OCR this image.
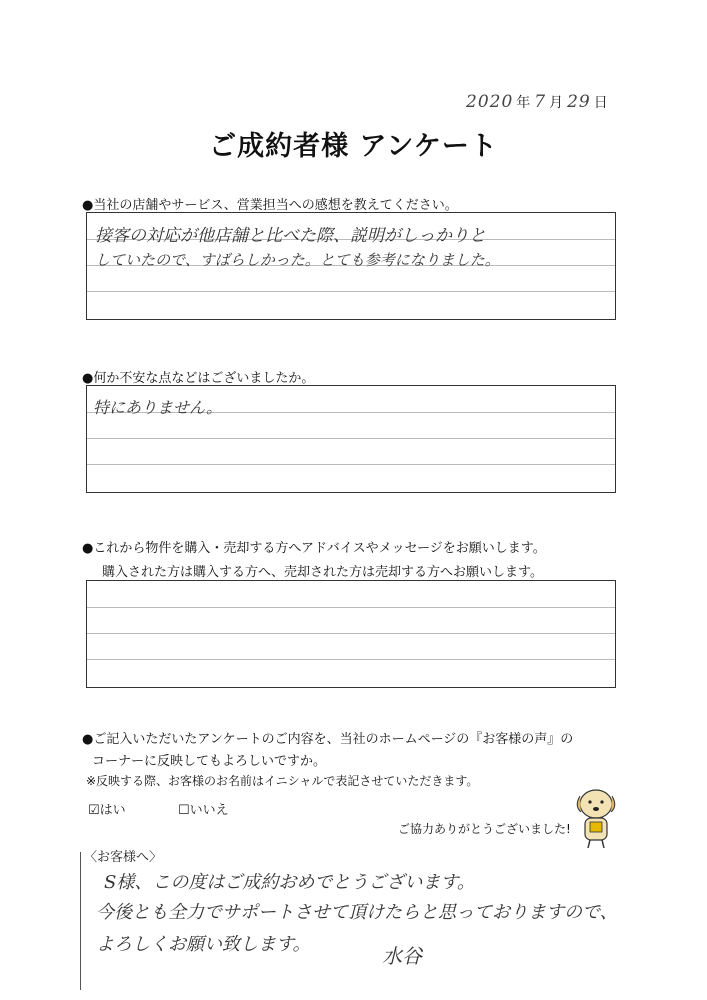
2020 年 7 月 29 日
ご成約者様 アンケート
●当社の店舗やサービス、営業担当への感想を教えてください。
接客の対応が他店舗と比べた際、説明がしっかりと
していたので、すばらしかった。とても参考になりました。
●何か不安な点などはございましたか。
特にありません。
●これから物件を購入・売却する方へアドバイスやメッセージをお願いします。
購入された方は購入する方へ、売却された方は売却する方へお願いします。
●ご記入いただいたアンケートのご内容を、当社のホームページの『お客様の声』の
コーナーに反映してもよろしいですか。
※反映する際、お客様のお名前はイニシャルで表記させていただきます。
☑はい	☐いいえ
ご協力ありがとうございました!
〈お客様へ〉
S様、この度はご成約おめでとうございます。
今後とも全力でサポートさせて頂けたらと思っておりますので、
よろしくお願い致します。	水谷
